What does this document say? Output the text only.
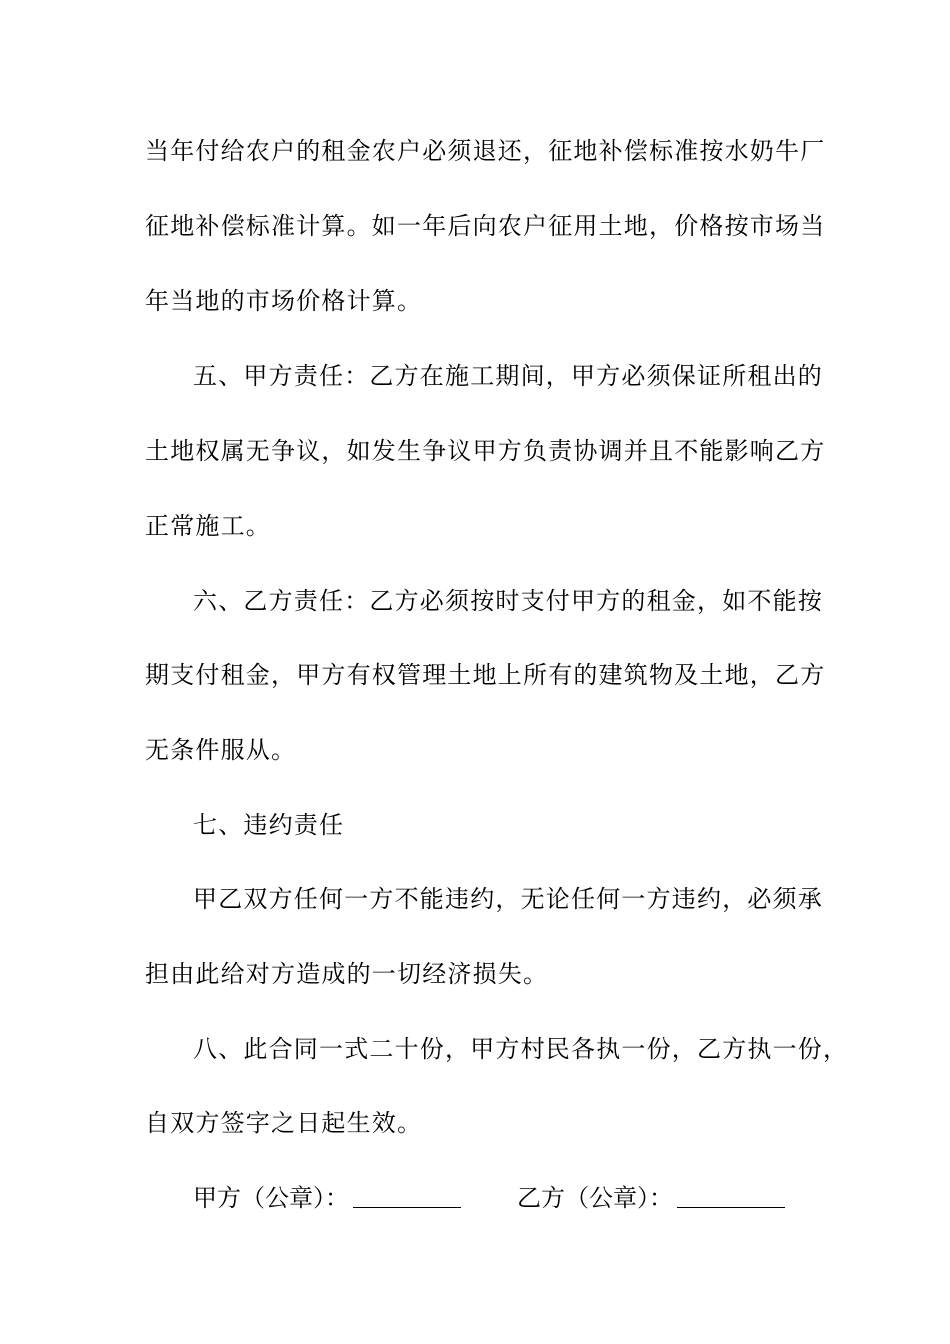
当年付给农户的租金农户必须退还，征地补偿标准按水奶牛厂
征地补偿标准计算。如一年后向农户征用土地，价格按市场当
年当地的市场价格计算。
五、甲方责任：乙方在施工期间，甲方必须保证所租出的
土地权属无争议，如发生争议甲方负责协调并且不能影响乙方
正常施工。
六、乙方责任：乙方必须按时支付甲方的租金，如不能按
期支付租金，甲方有权管理土地上所有的建筑物及土地，乙方
无条件服从。
七、违约责任
甲乙双方任何一方不能违约，无论任何一方违约，必须承
担由此给对方造成的一切经济损失。
八、此合同一式二十份，甲方村民各执一份，乙方执一份，
自双方签字之日起生效。
甲方（公章）：	乙方（公章）：
